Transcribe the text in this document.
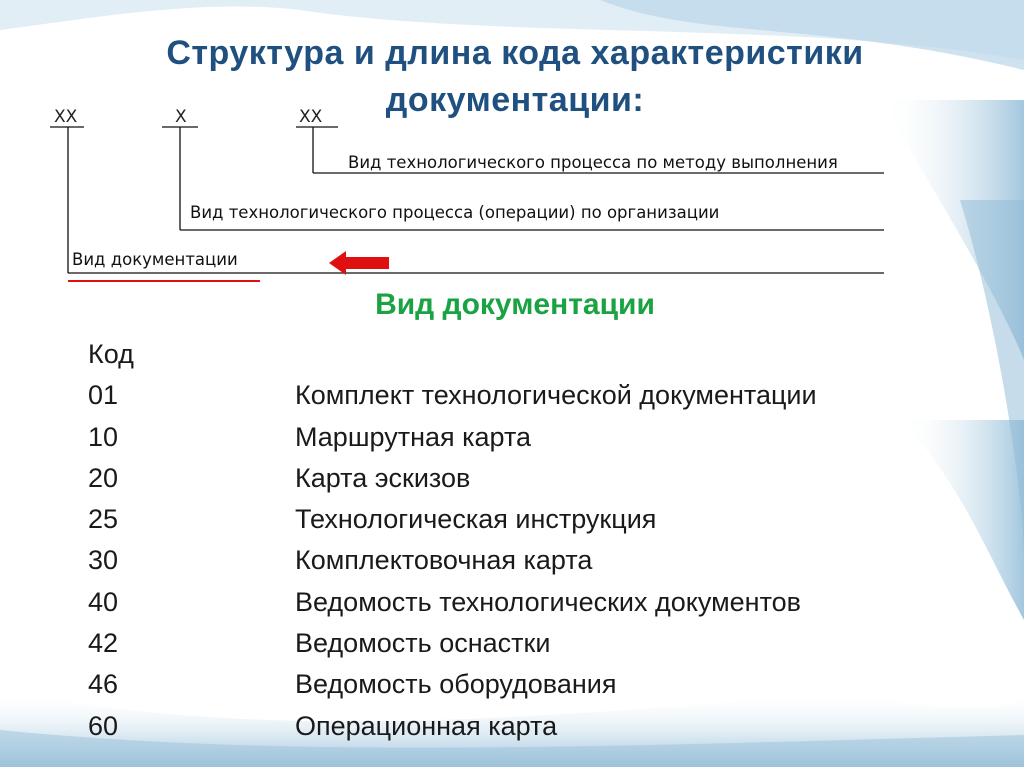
Структура и длина кода характеристики
документации:
XX	X	XX
Вид технологического процесса по методу выполнения
Вид технологического процесса (операции) по организации
Вид документации
Вид документации
Код
01	Комплект технологической документации
10	Маршрутная карта
20	Карта эскизов
25	Технологическая инструкция
30	Комплектовочная карта
40	Ведомость технологических документов
42	Ведомость оснастки
46	Ведомость оборудования
60	Операционная карта
